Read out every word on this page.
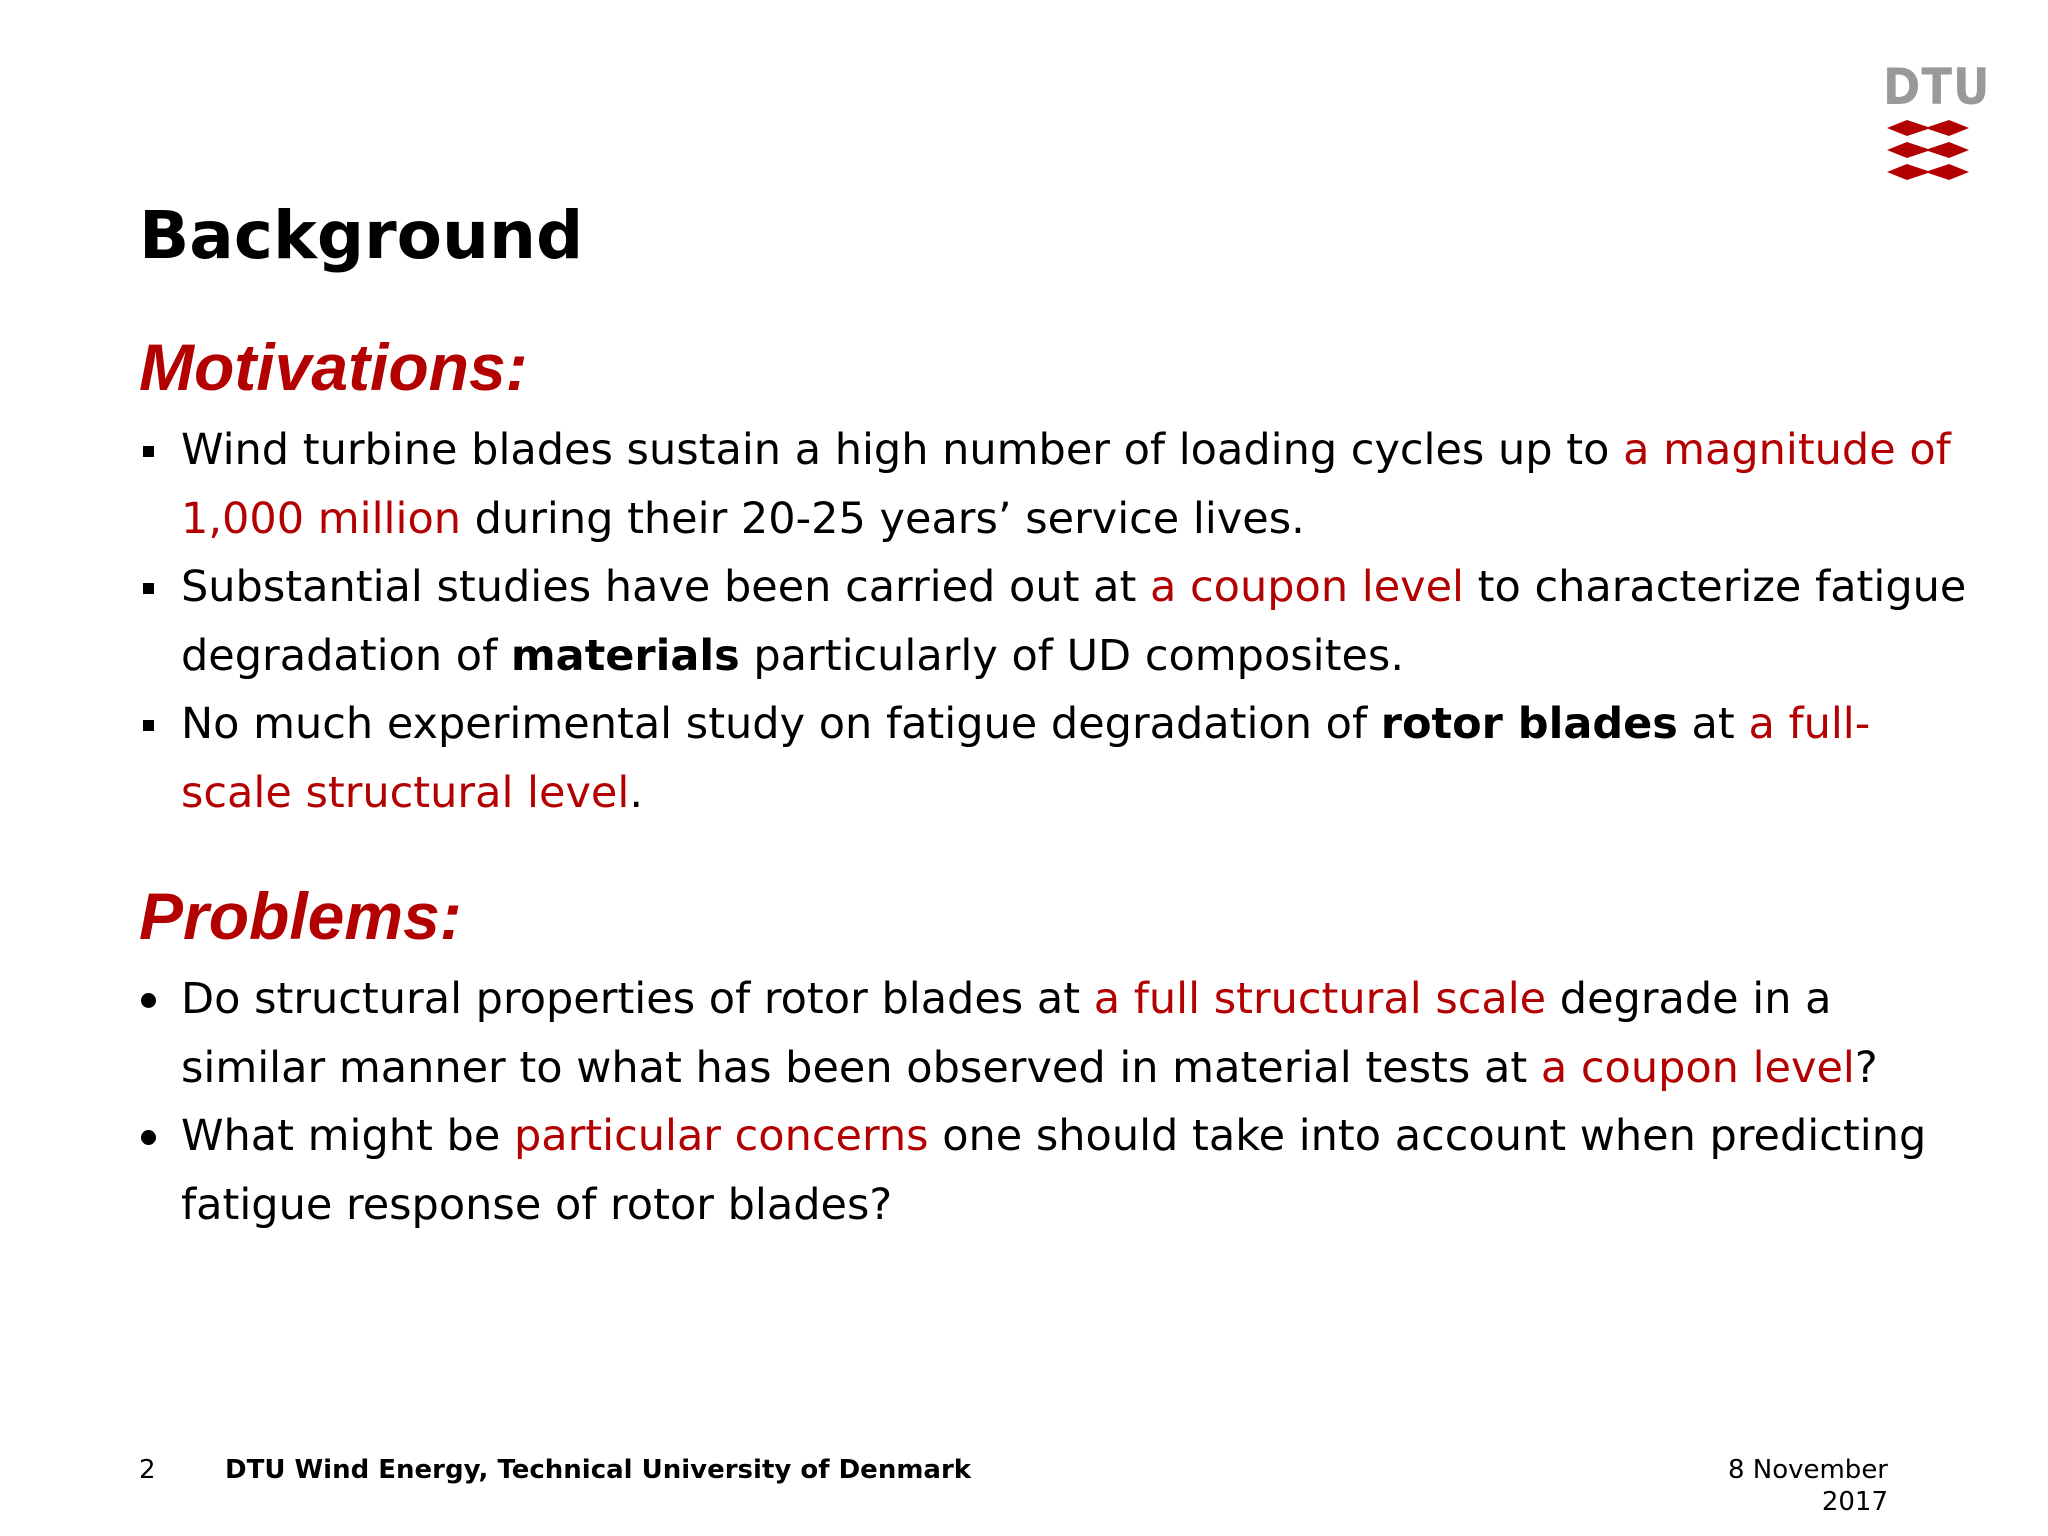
DTU
Background
Motivations:
Wind turbine blades sustain a high number of loading cycles up to a magnitude of 1,000 million during their 20-25 years’ service lives.
Substantial studies have been carried out at a coupon level to characterize fatigue degradation of materials particularly of UD composites.
No much experimental study on fatigue degradation of rotor blades at a full-scale structural level.
Problems:
Do structural properties of rotor blades at a full structural scale degrade in a similar manner to what has been observed in material tests at a coupon level?
What might be particular concerns one should take into account when predicting fatigue response of rotor blades?
2	DTU Wind Energy, Technical University of Denmark	8 November 2017
